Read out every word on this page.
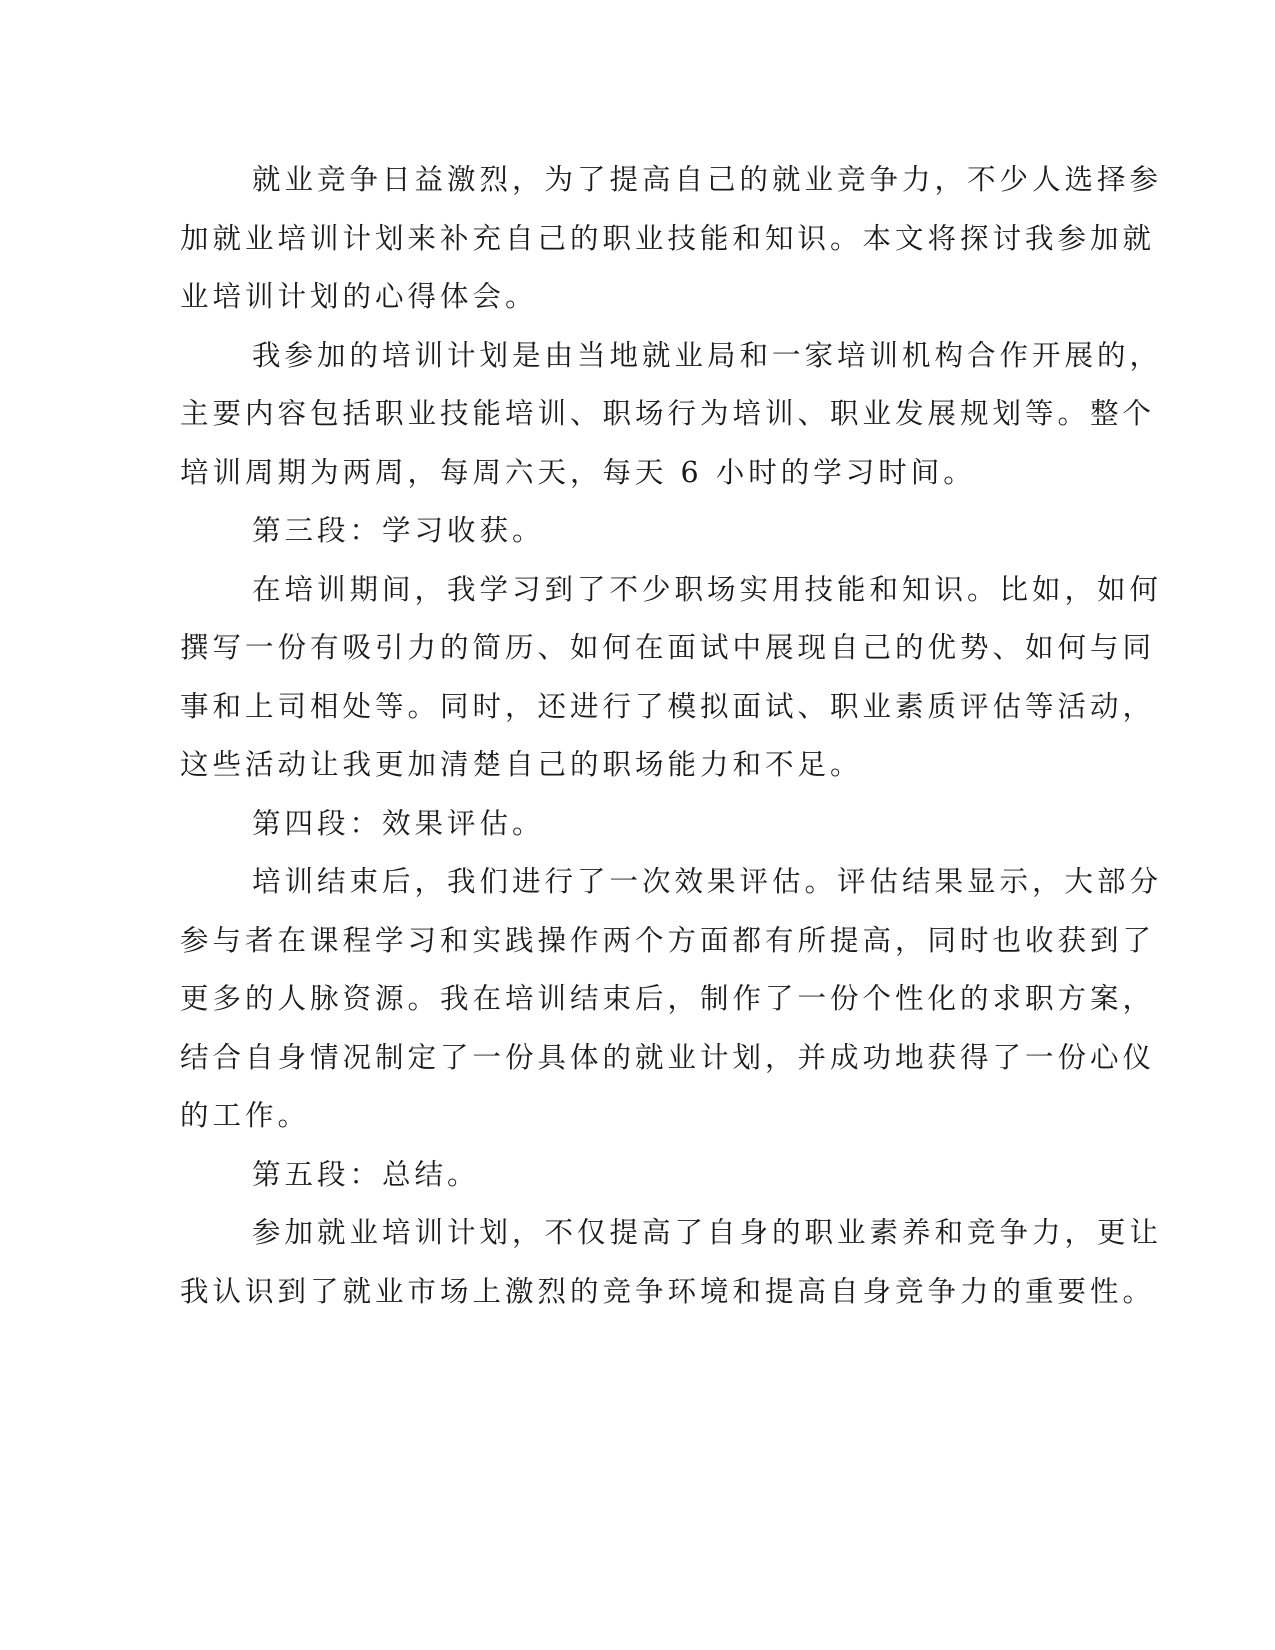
就业竞争日益激烈，为了提高自己的就业竞争力，不少人选择参
加就业培训计划来补充自己的职业技能和知识。本文将探讨我参加就
业培训计划的心得体会。
我参加的培训计划是由当地就业局和一家培训机构合作开展的，
主要内容包括职业技能培训、职场行为培训、职业发展规划等。整个
培训周期为两周，每周六天，每天 6 小时的学习时间。
第三段：学习收获。
在培训期间，我学习到了不少职场实用技能和知识。比如，如何
撰写一份有吸引力的简历、如何在面试中展现自己的优势、如何与同
事和上司相处等。同时，还进行了模拟面试、职业素质评估等活动，
这些活动让我更加清楚自己的职场能力和不足。
第四段：效果评估。
培训结束后，我们进行了一次效果评估。评估结果显示，大部分
参与者在课程学习和实践操作两个方面都有所提高，同时也收获到了
更多的人脉资源。我在培训结束后，制作了一份个性化的求职方案，
结合自身情况制定了一份具体的就业计划，并成功地获得了一份心仪
的工作。
第五段：总结。
参加就业培训计划，不仅提高了自身的职业素养和竞争力，更让
我认识到了就业市场上激烈的竞争环境和提高自身竞争力的重要性。
